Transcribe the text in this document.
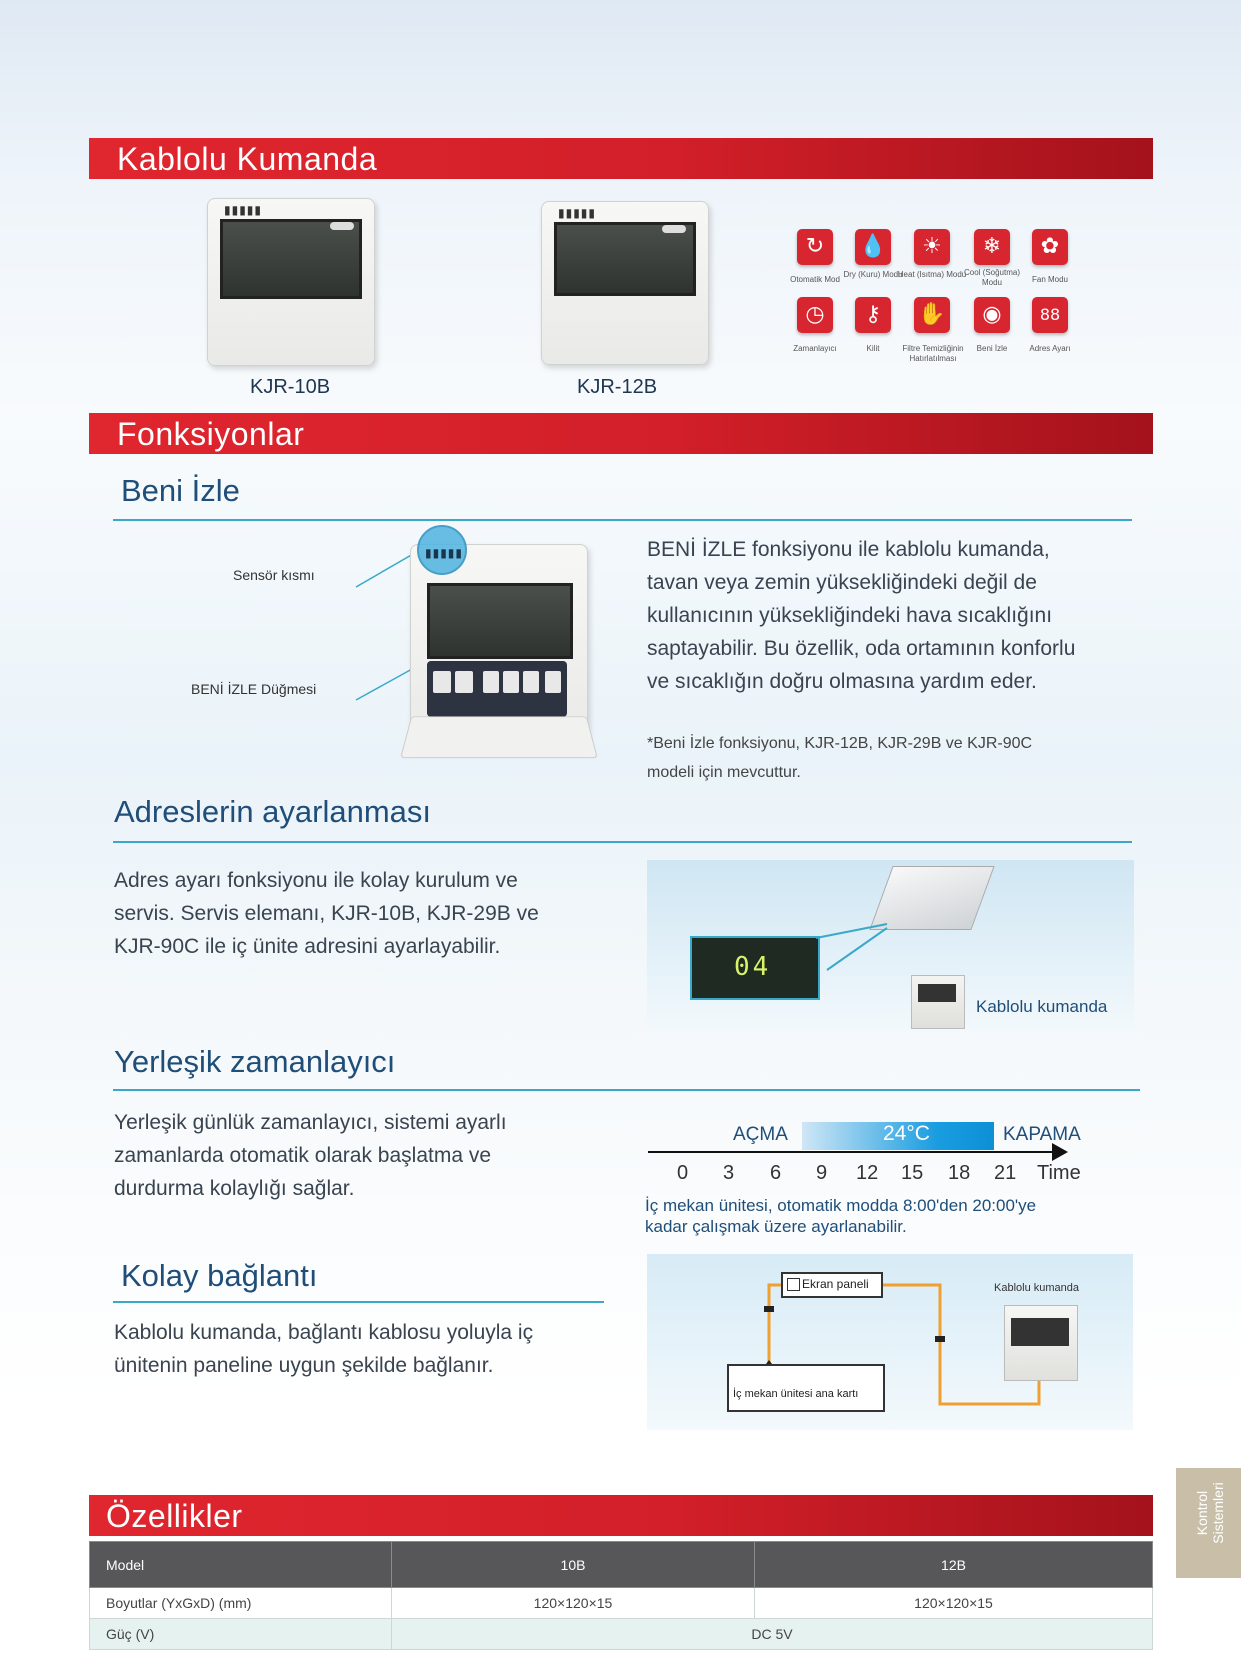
Kablolu Kumanda
▮▮▮▮▮
KJR-10B
▮▮▮▮▮
KJR-12B
↻
Otomatik Mod
💧
Dry (Kuru) Modu
☀
Heat (Isıtma) Modu
❄
Cool (Soğutma) Modu
✿
Fan Modu
◷
Zamanlayıcı
⚷
Kilit
✋
Filtre Temizliğinin Hatırlatılması
◉
Beni İzle
88
Adres Ayarı
Fonksiyonlar
Beni İzle
Sensör kısmı
BENİ İZLE Düğmesi
▮▮▮▮▮	BENİ İZLE fonksiyonu ile kablolu kumanda,
tavan veya zemin yüksekliğindeki değil de
kullanıcının yüksekliğindeki hava sıcaklığını
saptayabilir. Bu özellik, oda ortamının konforlu
ve sıcaklığın doğru olmasına yardım eder.
*Beni İzle fonksiyonu, KJR-12B, KJR-29B ve KJR-90C
modeli için mevcuttur.
Adreslerin ayarlanması
Adres ayarı fonksiyonu ile kolay kurulum ve
servis. Servis elemanı, KJR-10B, KJR-29B ve
KJR-90C ile iç ünite adresini ayarlayabilir.
04
Kablolu kumanda
Yerleşik zamanlayıcı
Yerleşik günlük zamanlayıcı, sistemi ayarlı
zamanlarda otomatik olarak başlatma ve
durdurma kolaylığı sağlar.
AÇMA	24°C	KAPAMA
0 3 6 9 12 15 18 21 Time
İç mekan ünitesi, otomatik modda 8:00'den 20:00'ye
kadar çalışmak üzere ayarlanabilir.
Kolay bağlantı
Kablolu kumanda, bağlantı kablosu yoluyla iç
ünitenin paneline uygun şekilde bağlanır.
Ekran paneli
İç mekan ünitesi ana kartı
Kablolu kumanda
Özellikler
Model	10B	12B
Boyutlar (YxGxD) (mm)	120×120×15	120×120×15
Güç (V)	DC 5V	
Kontrol
Sistemleri
